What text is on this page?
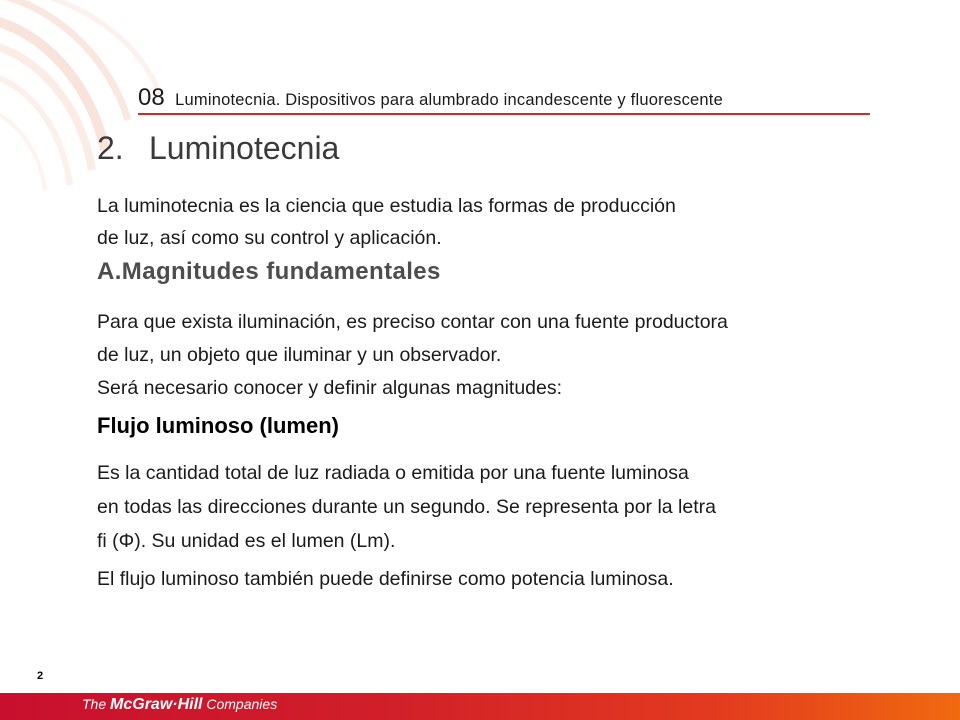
08 Luminotecnia. Dispositivos para alumbrado incandescente y fluorescente
2. Luminotecnia
La luminotecnia es la ciencia que estudia las formas de producción
de luz, así como su control y aplicación.
A.Magnitudes fundamentales
Para que exista iluminación, es preciso contar con una fuente productora
de luz, un objeto que iluminar y un observador.
Será necesario conocer y definir algunas magnitudes:
Flujo luminoso (lumen)
Es la cantidad total de luz radiada o emitida por una fuente luminosa
en todas las direcciones durante un segundo. Se representa por la letra
fi (Φ). Su unidad es el lumen (Lm).
El flujo luminoso también puede definirse como potencia luminosa.
2
The McGraw·Hill Companies
